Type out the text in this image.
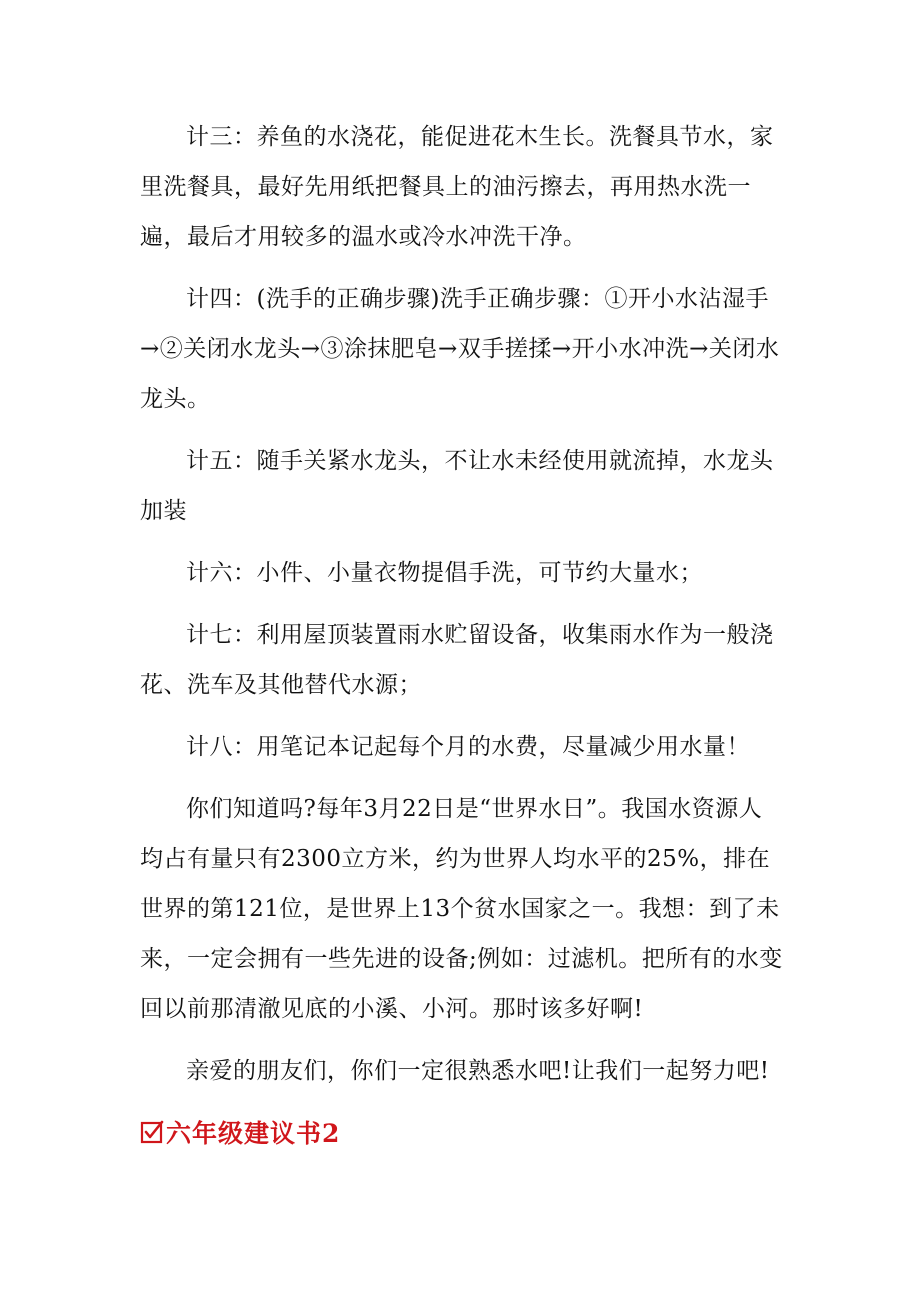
计三：养鱼的水浇花，能促进花木生长。洗餐具节水，家里洗餐具，最好先用纸把餐具上的油污擦去，再用热水洗一遍，最后才用较多的温水或冷水冲洗干净。

计四：(洗手的正确步骤)洗手正确步骤：①开小水沾湿手→②关闭水龙头→③涂抹肥皂→双手搓揉→开小水冲洗→关闭水龙头。

计五：随手关紧水龙头，不让水未经使用就流掉，水龙头加装

计六：小件、小量衣物提倡手洗，可节约大量水；

计七：利用屋顶装置雨水贮留设备，收集雨水作为一般浇花、洗车及其他替代水源；

计八：用笔记本记起每个月的水费，尽量减少用水量！

你们知道吗?每年3月22日是“世界水日”。我国水资源人均占有量只有2300立方米，约为世界人均水平的25%，排在世界的第121位，是世界上13个贫水国家之一。我想：到了未来，一定会拥有一些先进的设备;例如：过滤机。把所有的水变回以前那清澈见底的小溪、小河。那时该多好啊!

亲爱的朋友们，你们一定很熟悉水吧!让我们一起努力吧!

六年级建议书2
